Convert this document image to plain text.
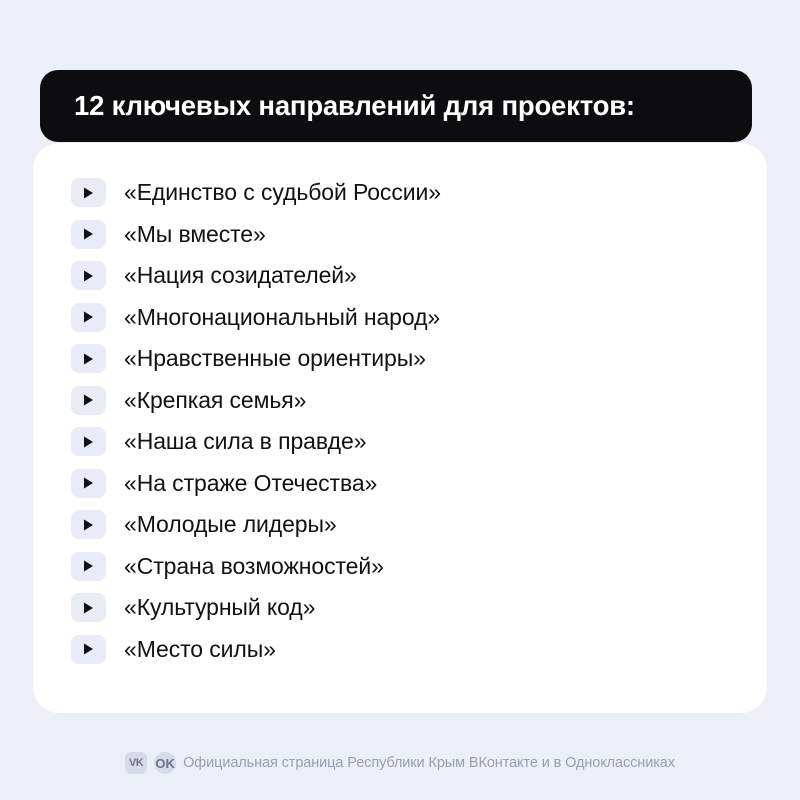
12 ключевых направлений для проектов:
«Единство с судьбой России»
«Мы вместе»
«Нация созидателей»
«Многонациональный народ»
«Нравственные ориентиры»
«Крепкая семья»
«Наша сила в правде»
«На страже Отечества»
«Молодые лидеры»
«Страна возможностей»
«Культурный код»
«Место силы»
VK OK Официальная страница Республики Крым ВКонтакте и в Одноклассниках
